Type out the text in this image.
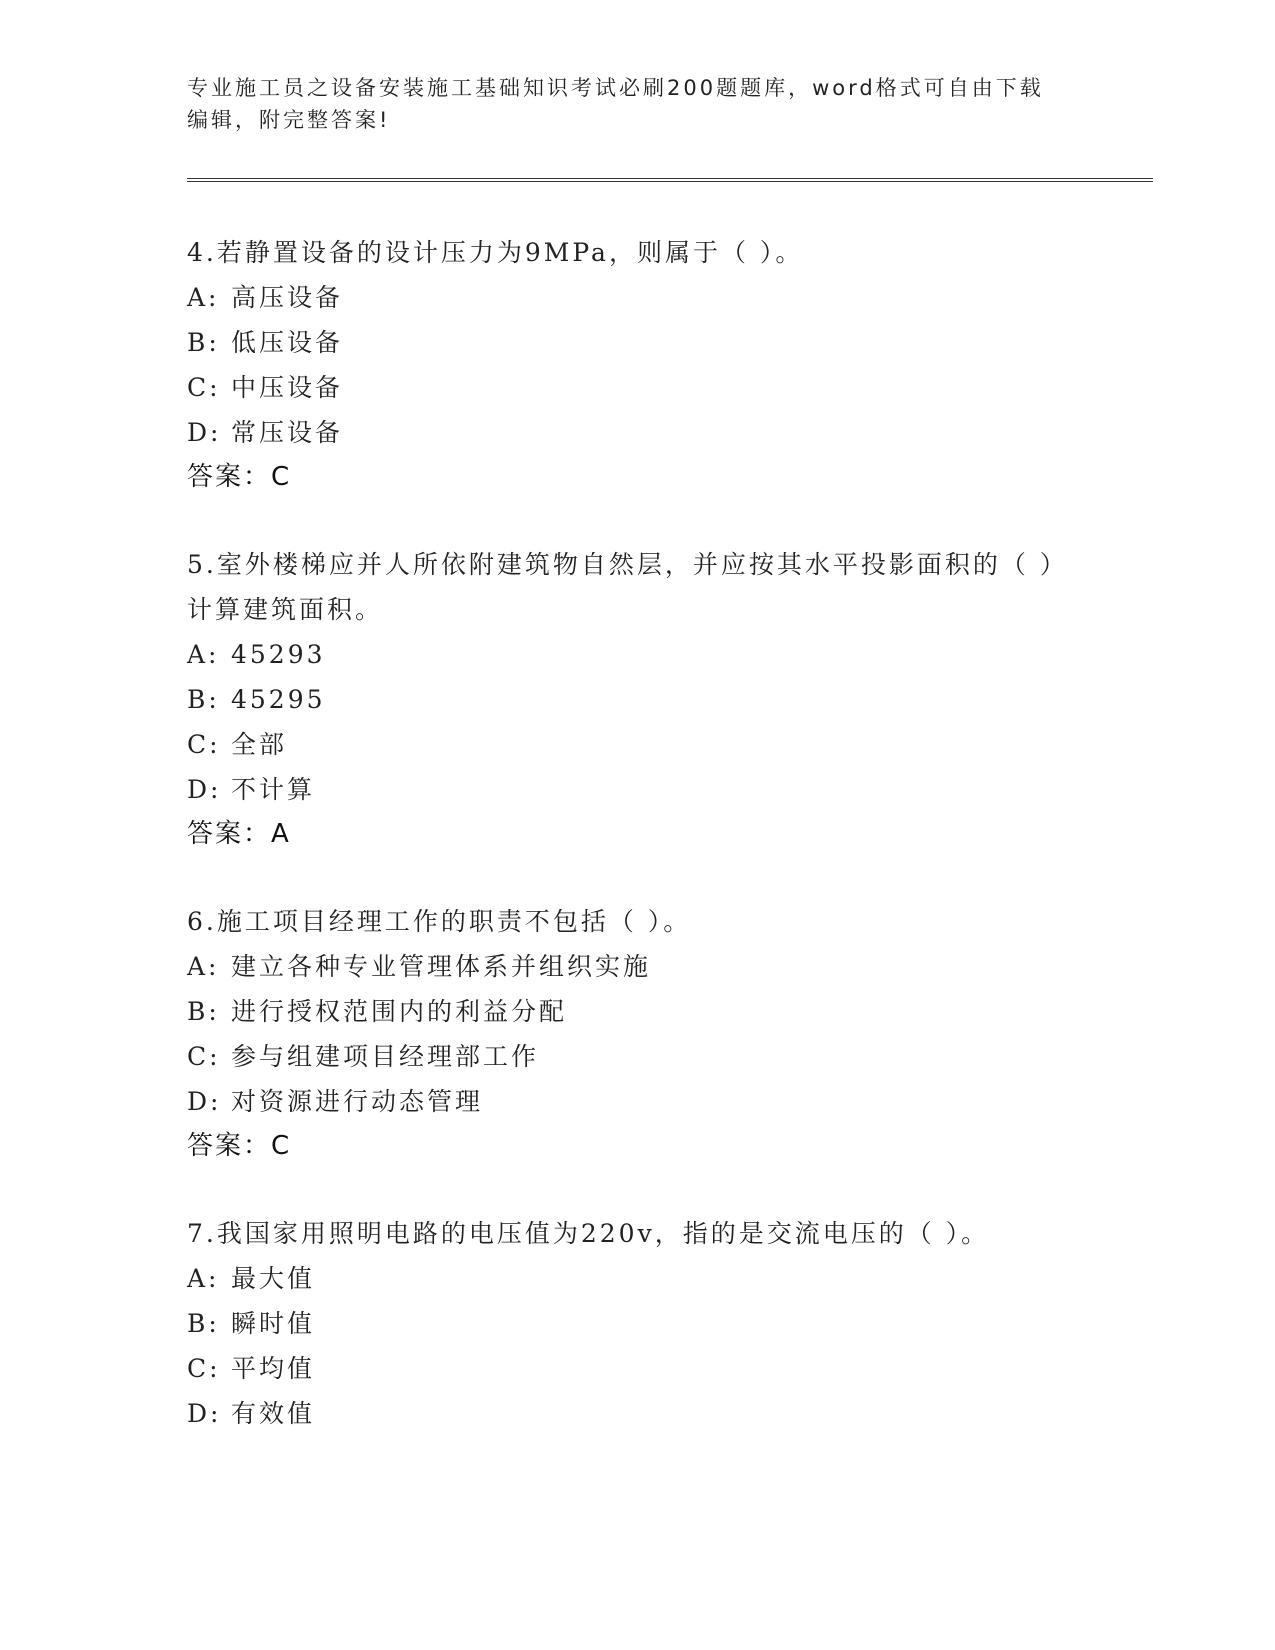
专业施工员之设备安装施工基础知识考试必刷200题题库，word格式可自由下载
编辑，附完整答案!
4.若静置设备的设计压力为9MPa，则属于（ ）。
A: 高压设备
B: 低压设备
C: 中压设备
D: 常压设备
答案：C
5.室外楼梯应并人所依附建筑物自然层，并应按其水平投影面积的（ ）计算建筑面积。
A: 45293
B: 45295
C: 全部
D: 不计算
答案：A
6.施工项目经理工作的职责不包括（ ）。
A: 建立各种专业管理体系并组织实施
B: 进行授权范围内的利益分配
C: 参与组建项目经理部工作
D: 对资源进行动态管理
答案：C
7.我国家用照明电路的电压值为220v，指的是交流电压的（ ）。
A: 最大值
B: 瞬时值
C: 平均值
D: 有效值
